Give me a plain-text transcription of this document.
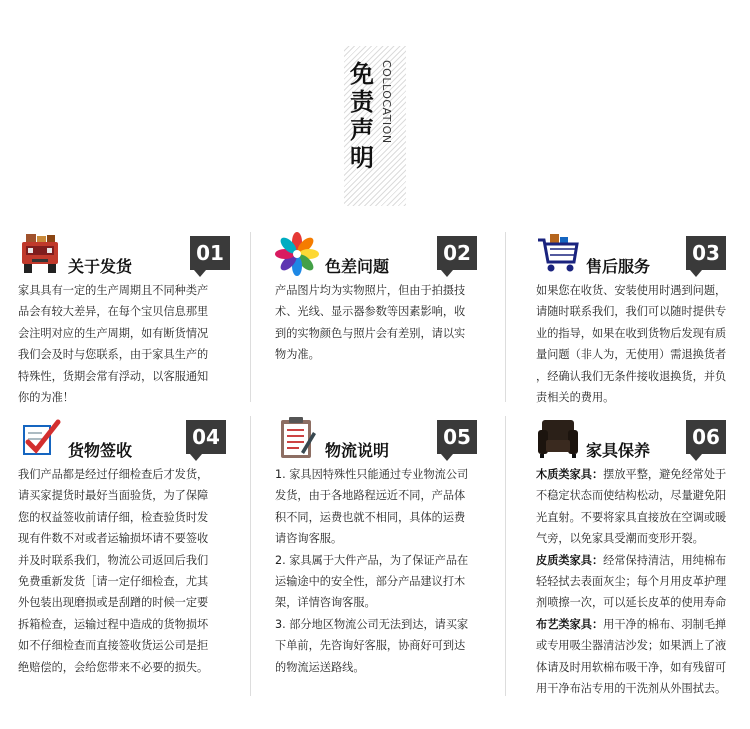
免
责
声
明
COLLOCATION
关于发货
01

家具具有一定的生产周期且不同种类产

品会有较大差异，在每个宝贝信息那里

会注明对应的生产周期，如有断货情况

我们会及时与您联系，由于家具生产的

特殊性，货期会常有浮动，以客服通知

你的为准！

色差问题
02

产品图片均为实物照片，但由于拍摄技

术、光线、显示器参数等因素影响，收

到的实物颜色与照片会有差别，请以实

物为准。

售后服务
03

如果您在收货、安装使用时遇到问题，

请随时联系我们，我们可以随时提供专

业的指导，如果在收到货物后发现有质

量问题（非人为，无使用）需退换货者

，经确认我们无条件接收退换货，并负

责相关的费用。

货物签收
04

我们产品都是经过仔细检查后才发货，

请买家提货时最好当面验货，为了保障

您的权益签收前请仔细，检查验货时发

现有件数不对或者运输损坏请不要签收

并及时联系我们，物流公司返回后我们

免费重新发货［请一定仔细检查，尤其

外包装出现磨损或是刮蹭的时候一定要

拆箱检查，运输过程中造成的货物损坏

如不仔细检查而直接签收货运公司是拒

绝赔偿的，会给您带来不必要的损失。

物流说明
05

1. 家具因特殊性只能通过专业物流公司

发货，由于各地路程远近不同，产品体

积不同，运费也就不相同，具体的运费

请咨询客服。

2. 家具属于大件产品，为了保证产品在

运输途中的安全性，部分产品建议打木

架，详情咨询客服。

3. 部分地区物流公司无法到达，请买家

下单前，先咨询好客服，协商好可到达

的物流运送路线。

家具保养
06

木质类家具：摆放平整，避免经常处于

不稳定状态而使结构松动，尽量避免阳

光直射。不要将家具直接放在空调或暖

气旁，以免家具受潮而变形开裂。

皮质类家具：经常保持清洁，用纯棉布

轻轻拭去表面灰尘；每个月用皮革护理

剂喷擦一次，可以延长皮革的使用寿命

布艺类家具：用干净的棉布、羽制毛掸

或专用吸尘器清洁沙发；如果洒上了液

体请及时用软棉布吸干净，如有残留可

用干净布沾专用的干洗剂从外围拭去。
